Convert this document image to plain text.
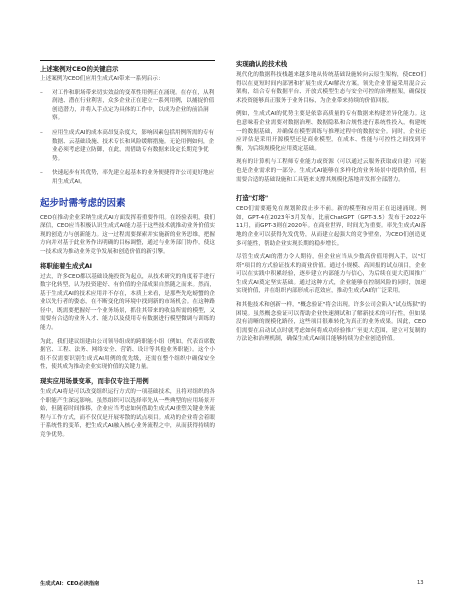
上述案例对CEO的关键启示
上述案例为CEO们应用生成式AI带来一系列启示：
– 对工作和职场带来切实效益的变革性用例正在涌现。在存在，从利润池、潜在行业利害，众多企业正在建立一系列用例，以捕捉价值创造潜力，并将入手点定为具体的工作中，以成为企业的前沿洞察。
– 应用生成式AI的成本高昂复杂度大，影响因素包括用例所需的专有数据、云基础设施、技术专长和风险缓解措施。无论用例如何，企业必须考虑建立防御，在此，需借助专有数据来设定长期竞争优势。
– 快速起步有其优势，率先建立起基本的业务便捷得许公司更好地应用生成式AI。
起步时需考虑的因素
CEO在推动企业采纳生成式AI方面发挥着重要作用。在经验表明，我们深信，CEO应当积极认识生成式AI能力基于这些技术就推动业务价值实现的创造力与创新能力。这一过程需要探索并实施新的业务思维，把握方向并对基于此业务作出明确的目标调整，通过与业务部门协作，使这一技术成为推动业务竞争发展和创造价值的新引擎。
将职能着生成式AI
过去，许多CEO都以基础设施投资为起点，从技术研究的角度着手进行数字化转型，认为投资建好、有价值的全部成果自然随之而来。然而，基于生成式AI的技术应用并不存在，本质上来看，是那些先吃螃蟹的企业以先行者的姿态，在不断变化的环境中找到新的市场机会。在这种路径中，既需要把握好一个业务场景，抓住其带来的收益所需的模型，又需要有合适的业务人才、能力以及使用专有数据进行模型微调与训练的能力。
为此，我们建议组建由公司领导组成的跨职能小组（例如，代表首席数据官、工程、法务、网络安全、营销、设计等其他业务职能）。这个小组不仅需要识别生成式AI用例的优先级，还需在整个组织中确保安全性，使其成为推动企业实现价值的关键力量。
现实应用场景变革，而非仅专注于用例
生成式AI将是可以改变组织运行方式的一项基础技术，且将对组织的各个职能产生深远影响。虽然组织可以选择率先从一些典型的应用场景开始，但随着时间推移，企业应当考虑如何借助生成式AI重塑关键业务流程与工作方式，而不仅仅是开展零散的试点项目。成功的企业将会着眼于系统性的变革，把生成式AI融入核心业务流程之中，从而获得持续的竞争优势。
实现确认的技术栈
现代化的数据科技栈越来越多地从传统基础设施转向云原生架构，使CEO们得以在更短时间内部署和扩展生成式AI解决方案。领先企业普遍采用混合云架构，结合专有数据平台、开放式模型生态与安全可控的治理框架，确保技术投资能够真正服务于业务目标，为企业带来持续的价值回报。
例如，生成式AI的优势主要是依靠高质量的专有数据来构建差异化能力。这也意味着企业需要对数据治理、数据隐私和合规性进行系统性投入，构建统一的数据基础，并确保在模型训练与推理过程中的数据安全。同时，企业还应评估是采用开源模型还是商业模型，在成本、性能与可控性之间找到平衡，为后续规模化应用奠定基础。
现有的计算机与工程师专业能力或资源（可以通过云服务获取或自建）可能也是企业需求的一部分。生成式AI能够在多样化的业务场景中提供价值，但需要合适的基础设施和工具链来支撑其规模化落地并发挥全部潜力。
打造"灯塔"
CEO们需要避免在规划阶段止步不前。新的模型和应用正在迅速涌现。例如，GPT-4在2023年3月发布，比前ChatGPT（GPT-3.5）发布于2022年11月，而GPT-3则在2020年。在商业世界，时间尤为重要。率先生成式AI落地的企业可以获得先发优势，从而建立起强大的竞争壁垒，为CEO们创造更多可能性，帮助企业实现长期的稳步增长。
尽管生成式AI的潜力令人期待，但企业应当从少数高价值用例入手，以"灯塔"项目的方式验证技术的商业价值。通过小规模、高回报的试点项目，企业可以在实践中积累经验，逐步建立内部能力与信心，为后续在更大范围推广生成式AI奠定坚实基础。通过这种方式，企业能够在控制风险的同时，加速实现价值，并在组织内部形成示范效应，推动生成式AI的广泛采用。
和其他技术和创新一样，"概念验证"将会出现。许多公司会陷入"试点炼狱"的困境。虽然概念验证可以帮助企业快速测试和了解新技术的可行性，但如果没有清晰的规模化路径，这些项目很难转化为真正的业务成果。因此，CEO们需要在启动试点时就考虑如何将成功经验推广至更大范围，建立可复制的方法论和治理机制，确保生成式AI项目能够持续为企业创造价值。
生成式AI：CEO必读指南	13
